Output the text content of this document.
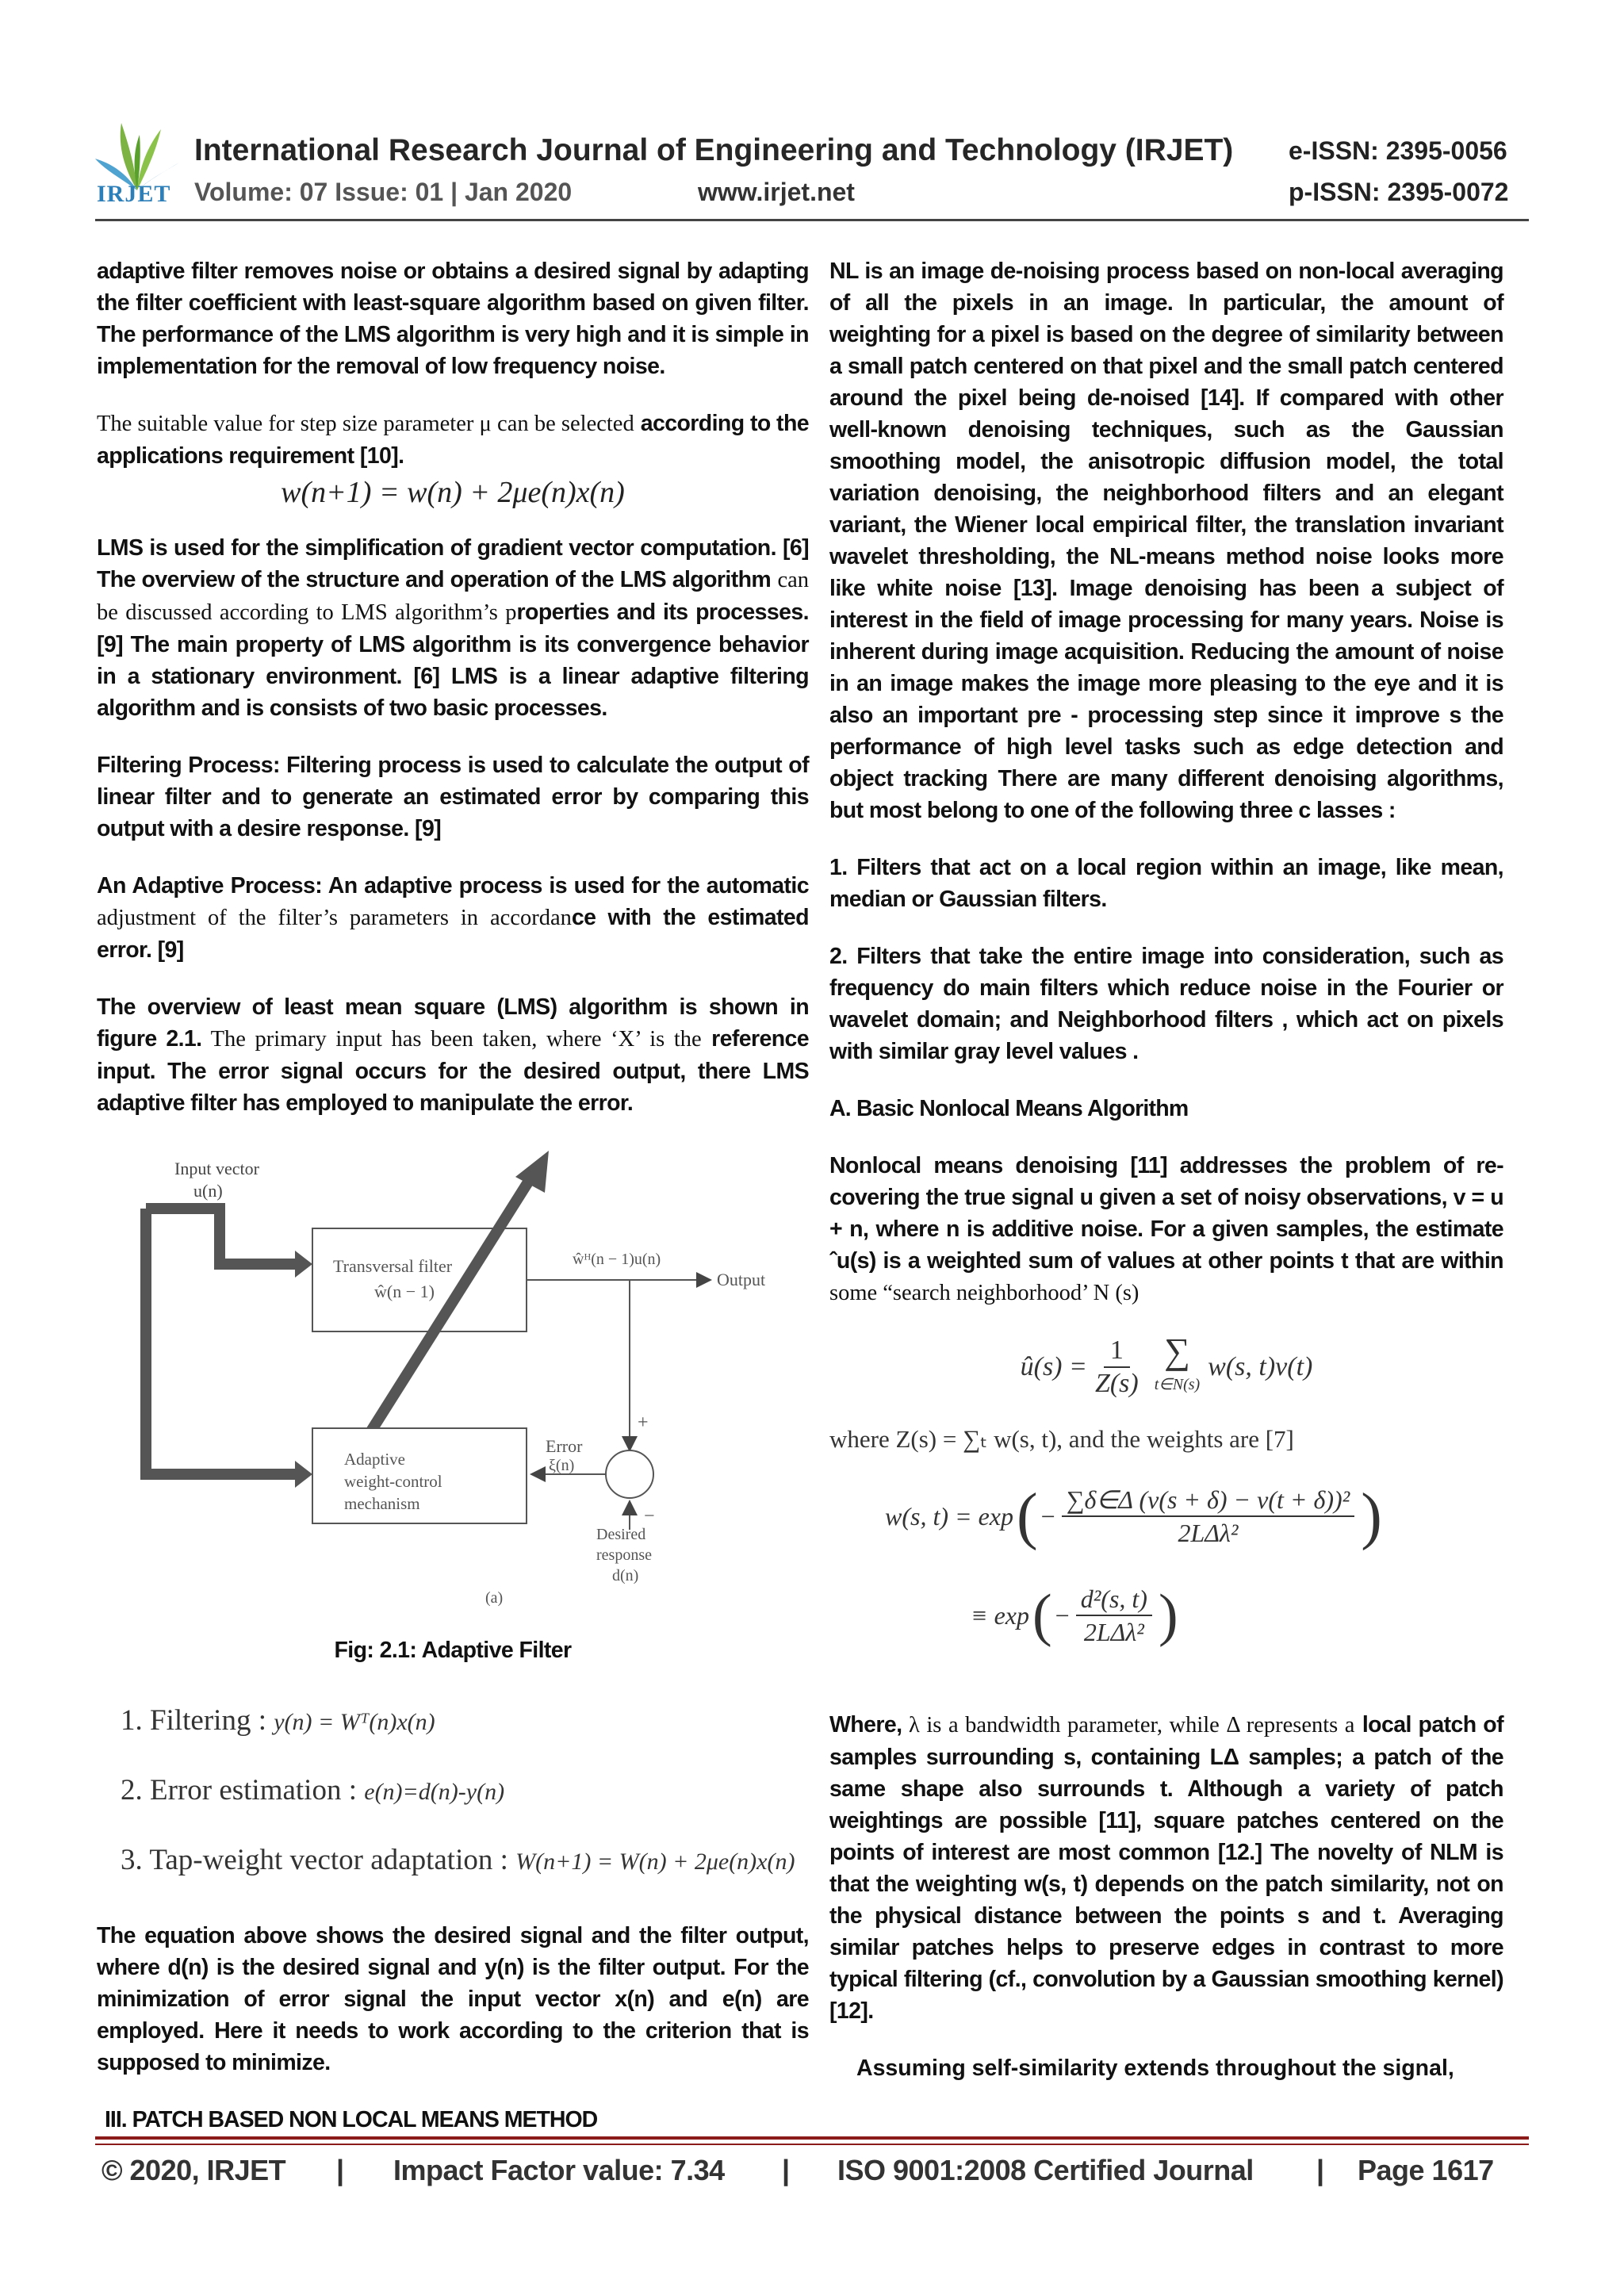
IRJET
International Research Journal of Engineering and Technology (IRJET)
Volume: 07 Issue: 01 | Jan 2020	www.irjet.net
e-ISSN: 2395-0056
p-ISSN: 2395-0072
adaptive filter removes noise or obtains a desired signal by adapting the filter coefficient with least-square algorithm based on given filter. The performance of the LMS algorithm is very high and it is simple in implementation for the removal of low frequency noise.
The suitable value for step size parameter μ can be selected according to the applications requirement [10].
w(n+1) = w(n) + 2μe(n)x(n)
LMS is used for the simplification of gradient vector computation. [6] The overview of the structure and operation of the LMS algorithm can be discussed according to LMS algorithm’s properties and its processes. [9] The main property of LMS algorithm is its convergence behavior in a stationary environment. [6] LMS is a linear adaptive filtering algorithm and is consists of two basic processes.
Filtering Process: Filtering process is used to calculate the output of linear filter and to generate an estimated error by comparing this output with a desire response. [9]
An Adaptive Process: An adaptive process is used for the automatic adjustment of the filter’s parameters in accordance with the estimated error. [9]
The overview of least mean square (LMS) algorithm is shown in figure 2.1. The primary input has been taken, where ‘X’ is the reference input. The error signal occurs for the desired output, there LMS adaptive filter has employed to manipulate the error.
Input vector
u(n)
Transversal filter
ŵ(n − 1)
ŵᴴ(n − 1)u(n)
Output
+
Adaptive
weight-control
mechanism
Error
ξ(n)
−
Desired
response
d(n)
(a)
Fig: 2.1: Adaptive Filter
1. Filtering : y(n) = Wᵀ(n)x(n)
2. Error estimation : e(n)=d(n)-y(n)
3. Tap-weight vector adaptation : W(n+1) = W(n) + 2μe(n)x(n)
The equation above shows the desired signal and the filter output, where d(n) is the desired signal and y(n) is the filter output. For the minimization of error signal the input vector x(n) and e(n) are employed. Here it needs to work according to the criterion that is supposed to minimize.
III. PATCH BASED NON LOCAL MEANS METHOD
NL is an image de-noising process based on non-local averaging of all the pixels in an image. In particular, the amount of weighting for a pixel is based on the degree of similarity between a small patch centered on that pixel and the small patch centered around the pixel being de-noised [14]. If compared with other well-known denoising techniques, such as the Gaussian smoothing model, the anisotropic diffusion model, the total variation denoising, the neighborhood filters and an elegant variant, the Wiener local empirical filter, the translation invariant wavelet thresholding, the NL-means method noise looks more like white noise [13]. Image denoising has been a subject of interest in the field of image processing for many years. Noise is inherent during image acquisition. Reducing the amount of noise in an image makes the image more pleasing to the eye and it is also an important pre - processing step since it improve s the performance of high level tasks such as edge detection and object tracking There are many different denoising algorithms, but most belong to one of the following three c lasses :
1. Filters that act on a local region within an image, like mean, median or Gaussian filters.
2. Filters that take the entire image into consideration, such as frequency do main filters which reduce noise in the Fourier or wavelet domain; and Neighborhood filters , which act on pixels with similar gray level values .
A. Basic Nonlocal Means Algorithm
Nonlocal means denoising [11] addresses the problem of re-covering the true signal u given a set of noisy observations, v = u + n, where n is additive noise. For a given samples, the estimate ˆu(s) is a weighted sum of values at other points t that are within some “search neighborhood’ N (s)
û(s) = $\frac{1}{Z(s)}$ ∑
t∈N(s)
w(s, t)v(t)
where Z(s) = ∑ₜ w(s, t), and the weights are [7]
w(s, t) = exp ( −
∑δ∈Δ (v(s + δ) − v(t + δ))²
2LΔλ² )
≡ exp ( −
d²(s, t)
2LΔλ² )
Where, λ is a bandwidth parameter, while Δ represents a local patch of samples surrounding s, containing LΔ samples; a patch of the same shape also surrounds t. Although a variety of patch weightings are possible [11], square patches centered on the points of interest are most common [12.] The novelty of NLM is that the weighting w(s, t) depends on the patch similarity, not on the physical distance between the points s and t. Averaging similar patches helps to preserve edges in contrast to more typical filtering (cf., convolution by a Gaussian smoothing kernel) [12].
Assuming self-similarity extends throughout the signal,
© 2020, IRJET | Impact Factor value: 7.34 | ISO 9001:2008 Certified Journal | Page 1617
